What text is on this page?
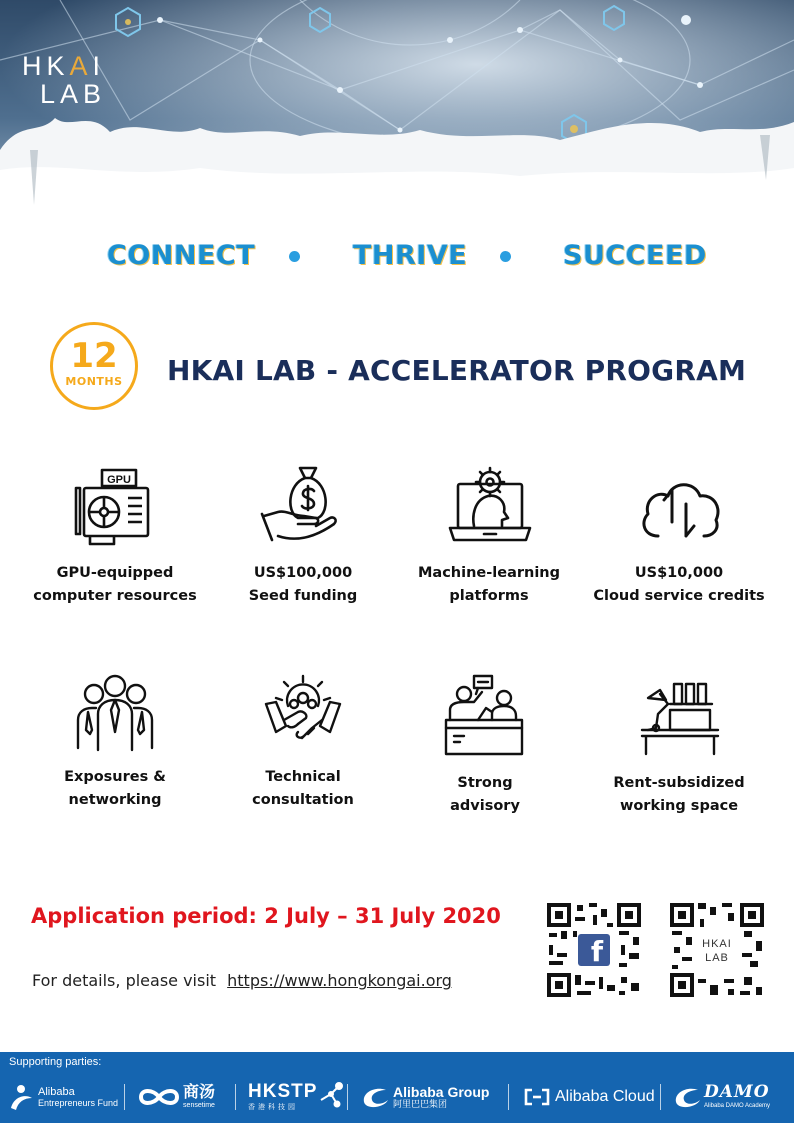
HKAI
LAB
CONNECT	THRIVE	SUCCEED
12
MONTHS	HKAI LAB - ACCELERATOR PROGRAM
GPU
GPU-equipped
computer resources
US$100,000
Seed funding
Machine-learning
platforms
US$10,000
Cloud service credits
Exposures &
networking
Technical
consultation
Strong
advisory
Rent-subsidized
working space
Application period: 2 July – 31 July 2020
For details, please visit https://www.hongkongai.org
f	HKAI
LAB
Supporting parties:
Alibaba
Entrepreneurs Fund
商汤
sensetime
HKSTP
香港科技园
Alibaba Group
阿里巴巴集团	Alibaba Cloud	DAMO
Alibaba DAMO Academy
